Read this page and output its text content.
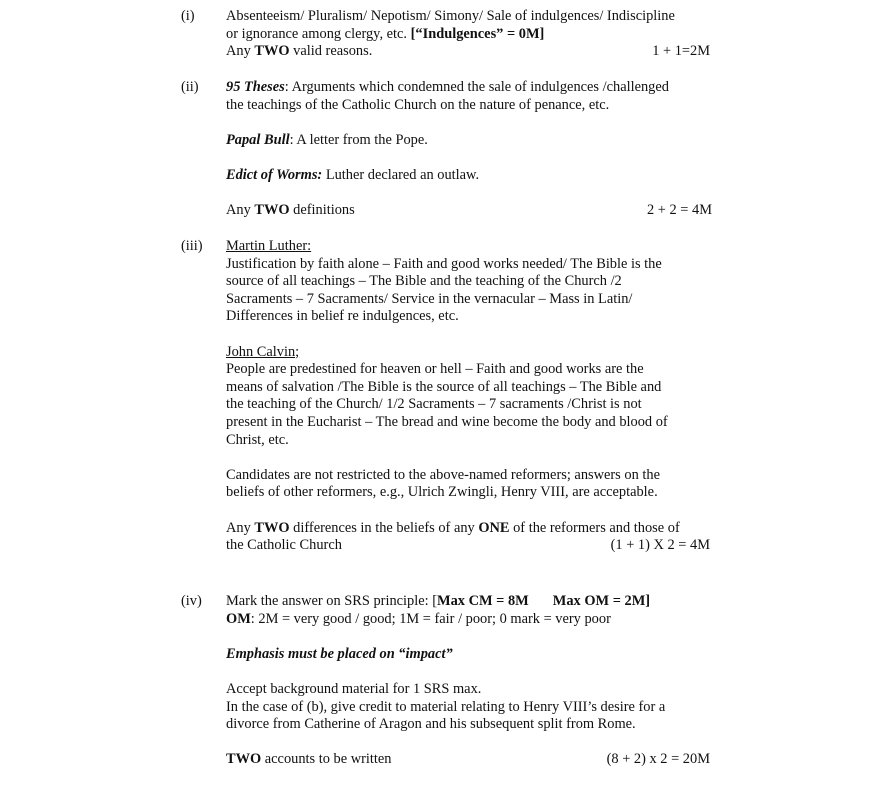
(i) Absenteeism/ Pluralism/ Nepotism/ Simony/ Sale of indulgences/ Indiscipline
or ignorance among clergy, etc. [“Indulgences” = 0M]
Any TWO valid reasons.	1 + 1=2M
(ii) 95 Theses: Arguments which condemned the sale of indulgences /challenged
the teachings of the Catholic Church on the nature of penance, etc.
Papal Bull: A letter from the Pope.
Edict of Worms: Luther declared an outlaw.
Any TWO definitions	2 + 2 = 4M
(iii) Martin Luther:
Justification by faith alone – Faith and good works needed/ The Bible is the
source of all teachings – The Bible and the teaching of the Church /2
Sacraments – 7 Sacraments/ Service in the vernacular – Mass in Latin/
Differences in belief re indulgences, etc.
John Calvin;
People are predestined for heaven or hell – Faith and good works are the
means of salvation /The Bible is the source of all teachings – The Bible and
the teaching of the Church/ 1/2 Sacraments – 7 sacraments /Christ is not
present in the Eucharist – The bread and wine become the body and blood of
Christ, etc.
Candidates are not restricted to the above-named reformers; answers on the
beliefs of other reformers, e.g., Ulrich Zwingli, Henry VIII, are acceptable.
Any TWO differences in the beliefs of any ONE of the reformers and those of
the Catholic Church	(1 + 1) X 2 = 4M
(iv) Mark the answer on SRS principle: [Max CM = 8M Max OM = 2M]
OM: 2M = very good / good; 1M = fair / poor; 0 mark = very poor
Emphasis must be placed on “impact”
Accept background material for 1 SRS max.
In the case of (b), give credit to material relating to Henry VIII’s desire for a
divorce from Catherine of Aragon and his subsequent split from Rome.
TWO accounts to be written	(8 + 2) x 2 = 20M
